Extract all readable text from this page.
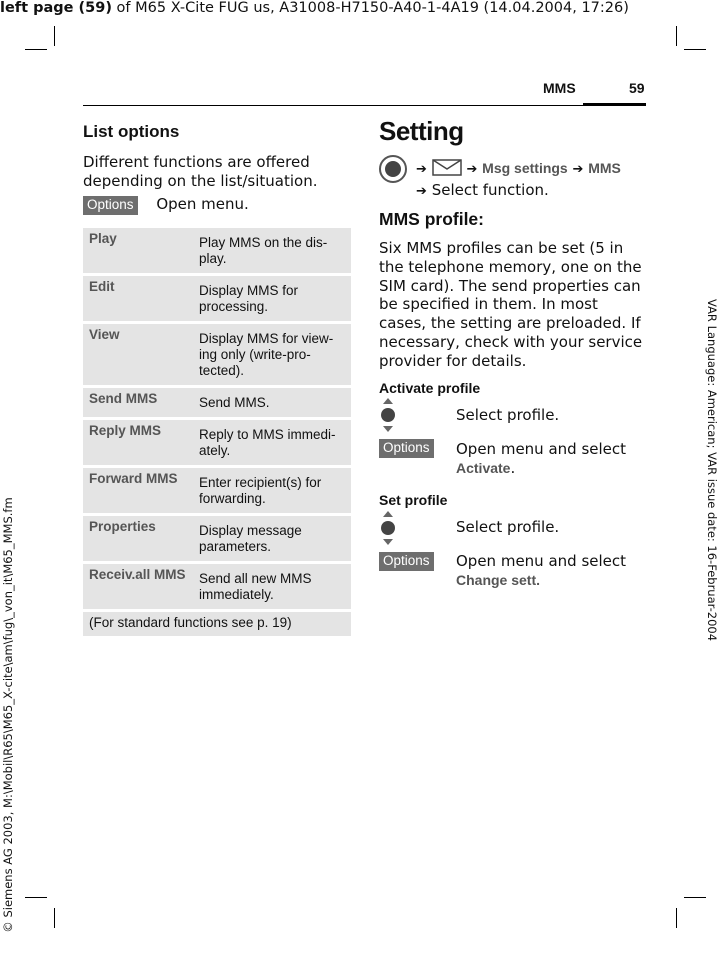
left page (59) of M65 X-Cite FUG us, A31008-H7150-A40-1-4A19 (14.04.2004, 17:26)
VAR Language: American; VAR issue date: 16-Februar-2004
© Siemens AG 2003, M:\Mobil\R65\M65_X-cite\am\fug\_von_it\M65_MMS.fm
MMS	59
List options
Different functions are offered depending on the list/situation.
Options Open menu.
Play	Play MMS on the dis-play.
Edit	Display MMS for processing.
View	Display MMS for view-ing only (write-pro-tected).
Send MMS	Send MMS.
Reply MMS	Reply to MMS immedi-ately.
Forward MMS	Enter recipient(s) for forwarding.
Properties	Display message parameters.
Receiv.all MMS	Send all new MMS immediately.
(For standard functions see p. 19)	
Setting
➔	➔ Msg settings ➔ MMS
➔ Select function.
MMS profile:
Six MMS profiles can be set (5 in the telephone memory, one on the SIM card). The send properties can be specified in them. In most cases, the setting are preloaded. If necessary, check with your service provider for details.
Activate profile
Select profile.
Options Open menu and select
Activate.
Set profile
Select profile.
Options Open menu and select
Change sett.
